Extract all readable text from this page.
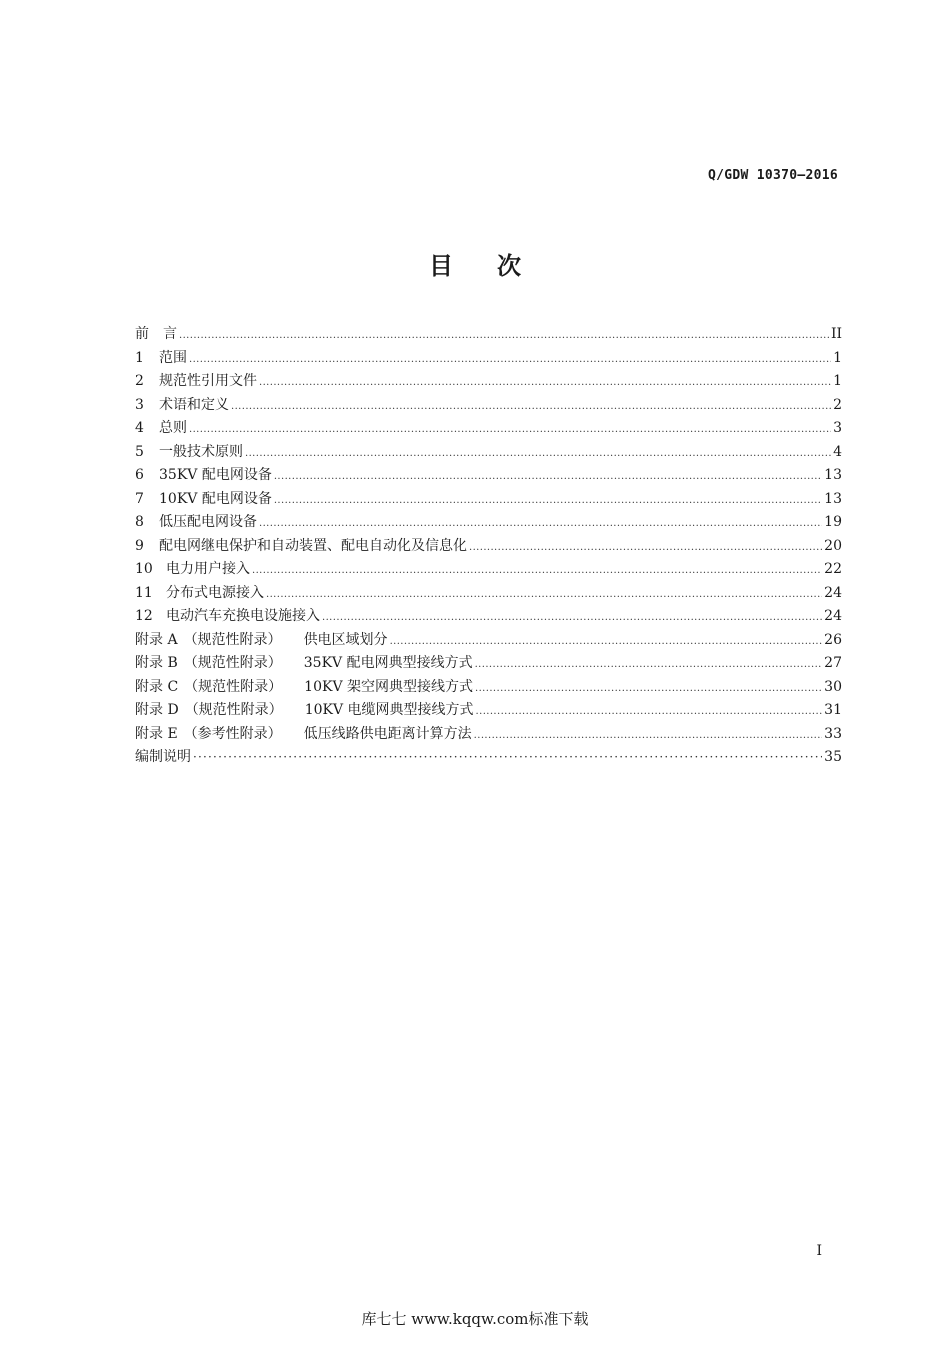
Q/GDW 10370—2016
目次
前　言 .....	II
1	范围 .....	1
2	规范性引用文件 .....	1
3	术语和定义 .....	2
4	总则 .....	3
5	一般技术原则 .....	4
6	35KV 配电网设备 .....	13
7	10KV 配电网设备 .....	13
8	低压配电网设备 .....	19
9	配电网继电保护和自动装置、配电自动化及信息化 .....	20
10 电力用户接入 .....	22
11 分布式电源接入 .....	24
12 电动汽车充换电设施接入 .....	24
附录 A （规范性附录）	供电区域划分 .....	26
附录 B （规范性附录）	35KV 配电网典型接线方式 .....	27
附录 C （规范性附录）	10KV 架空网典型接线方式 .....	30
附录 D （规范性附录）	10KV 电缆网典型接线方式 .....	31
附录 E （参考性附录）	低压线路供电距离计算方法 .....	33
编制说明 ·····	35
I
库七七 www.kqqw.com标准下载
